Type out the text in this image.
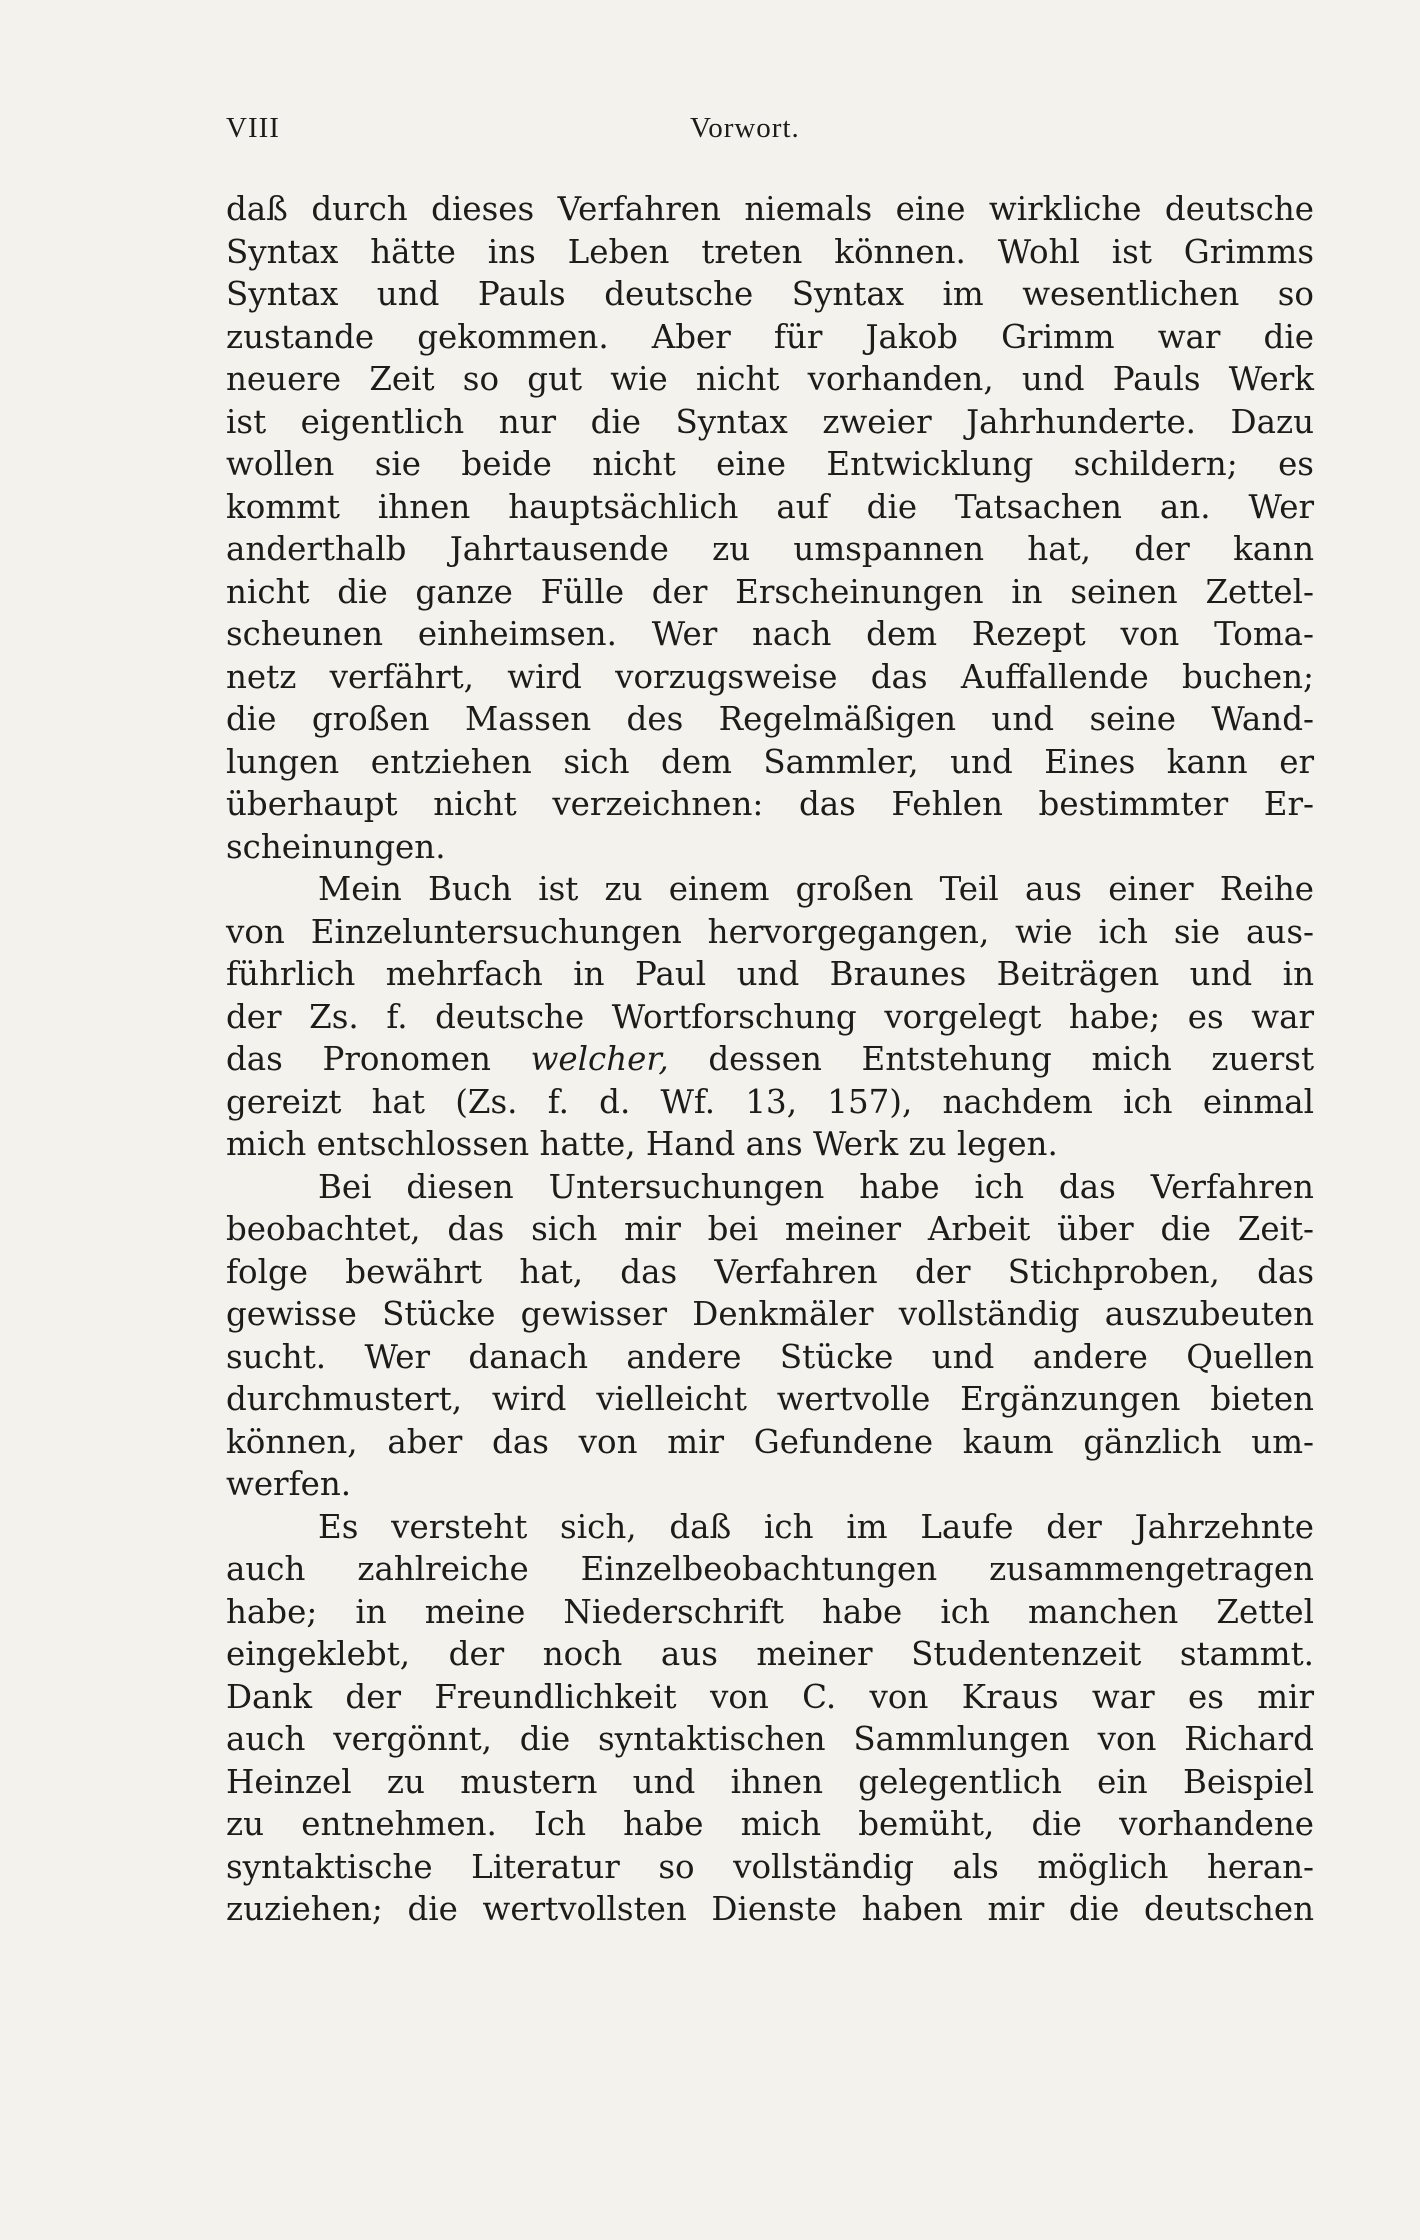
VIII	Vorwort.
daß durch dieses Verfahren niemals eine wirkliche deutsche
Syntax hätte ins Leben treten können. Wohl ist Grimms
Syntax und Pauls deutsche Syntax im wesentlichen so
zustande gekommen. Aber für Jakob Grimm war die
neuere Zeit so gut wie nicht vorhanden, und Pauls Werk
ist eigentlich nur die Syntax zweier Jahrhunderte. Dazu
wollen sie beide nicht eine Entwicklung schildern; es
kommt ihnen hauptsächlich auf die Tatsachen an. Wer
anderthalb Jahrtausende zu umspannen hat, der kann
nicht die ganze Fülle der Erscheinungen in seinen Zettel-
scheunen einheimsen. Wer nach dem Rezept von Toma-
netz verfährt, wird vorzugsweise das Auffallende buchen;
die großen Massen des Regelmäßigen und seine Wand-
lungen entziehen sich dem Sammler, und Eines kann er
überhaupt nicht verzeichnen: das Fehlen bestimmter Er-
scheinungen.
Mein Buch ist zu einem großen Teil aus einer Reihe
von Einzeluntersuchungen hervorgegangen, wie ich sie aus-
führlich mehrfach in Paul und Braunes Beiträgen und in
der Zs. f. deutsche Wortforschung vorgelegt habe; es war
das Pronomen welcher, dessen Entstehung mich zuerst
gereizt hat (Zs. f. d. Wf. 13, 157), nachdem ich einmal
mich entschlossen hatte, Hand ans Werk zu legen.
Bei diesen Untersuchungen habe ich das Verfahren
beobachtet, das sich mir bei meiner Arbeit über die Zeit-
folge bewährt hat, das Verfahren der Stichproben, das
gewisse Stücke gewisser Denkmäler vollständig auszubeuten
sucht. Wer danach andere Stücke und andere Quellen
durchmustert, wird vielleicht wertvolle Ergänzungen bieten
können, aber das von mir Gefundene kaum gänzlich um-
werfen.
Es versteht sich, daß ich im Laufe der Jahrzehnte
auch zahlreiche Einzelbeobachtungen zusammengetragen
habe; in meine Niederschrift habe ich manchen Zettel
eingeklebt, der noch aus meiner Studentenzeit stammt.
Dank der Freundlichkeit von C. von Kraus war es mir
auch vergönnt, die syntaktischen Sammlungen von Richard
Heinzel zu mustern und ihnen gelegentlich ein Beispiel
zu entnehmen. Ich habe mich bemüht, die vorhandene
syntaktische Literatur so vollständig als möglich heran-
zuziehen; die wertvollsten Dienste haben mir die deutschen
